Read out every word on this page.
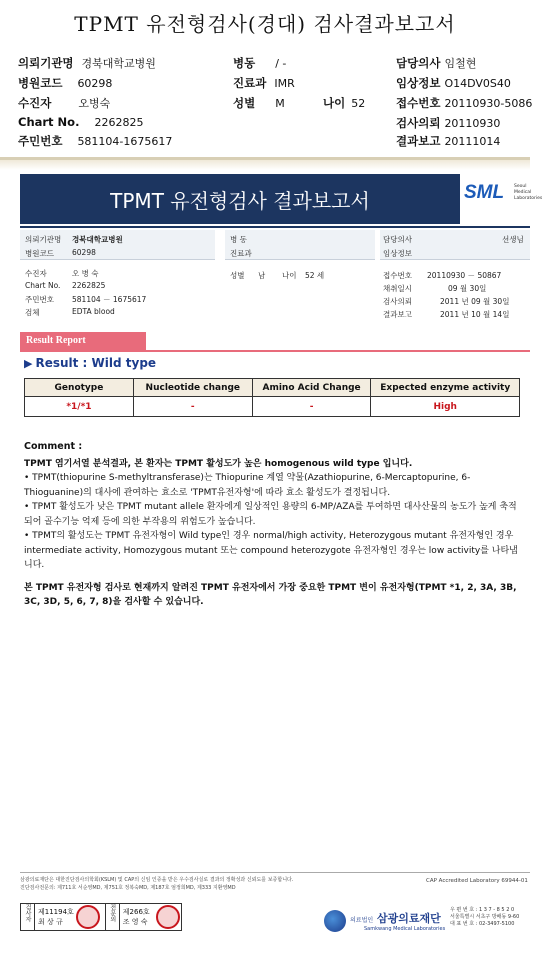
TPMT 유전형검사(경대) 검사결과보고서
의뢰기관명 경북대학교병원
병원코드 60298
수진자 오병숙
Chart No. 2262825
주민번호 581104-1675617
병동 / -
진료과 IMR
성별 M	나이 52
담당의사 임철현
임상정보 O14DV0S40
접수번호 20110930-5086
검사의뢰 20110930
결과보고 20111014
TPMT 유전형검사 결과보고서	SML Seoul Medical Laboratories
의뢰기관명 경북대학교병원
병원코드 60298
병 동
진료과
담당의사	선생님
임상정보
수진자	오 병 숙
Chart No. 2262825
주민번호 581104 － 1675617
검체	EDTA blood
성별 남 나이 52 세	접수번호 20110930 － 50867
채취일시	09 월 30일
검사의뢰	2011 년 09 월 30일
결과보고	2011 년 10 월 14일
Result Report
▶ Result : Wild type
Genotype	Nucleotide change	Amino Acid Change	Expected enzyme activity
*1/*1	-	-	High

Comment :

TPMT 염기서열 분석결과, 본 환자는 TPMT 활성도가 높은 homogenous wild type 입니다.

• TPMT(thiopurine S-methyltransferase)는 Thiopurine 계열 약물(Azathiopurine, 6-Mercaptopurine, 6-Thioguanine)의 대사에 관여하는 효소로 'TPMT유전자형'에 따라 효소 활성도가 결정됩니다.

• TPMT 활성도가 낮은 TPMT mutant allele 환자에게 일상적인 용량의 6-MP/AZA를 투여하면 대사산물의 농도가 높게 축적되어 골수기능 억제 등에 의한 부작용의 위험도가 높습니다.

• TPMT의 활성도는 TPMT 유전자형이 Wild type인 경우 normal/high activity, Heterozygous mutant 유전자형인 경우 intermediate activity, Homozygous mutant 또는 compound heterozygote 유전자형인 경우는 low activity를 나타냅니다.

본 TPMT 유전자형 검사로 현재까지 알려진 TPMT 유전자에서 가장 중요한 TPMT 변이 유전자형(TPMT *1, 2, 3A, 3B, 3C, 3D, 5, 6, 7, 8)을 검사할 수 있습니다.

삼광의료재단은 대한진단검사의학회(KSLM) 및 CAP의 신임 인증을 받은 우수검사실로 결과의 정확성과 신뢰도를 보증합니다.
진단검사전문의: 제711호 서순영MD, 제751호 정복숙MD, 제187호 엄정희MD, 제333 지환영MD
CAP Accredited Laboratory 69944-01
검사자	제11194호
최 상 규	전문의	제266호
조 영 숙	의료법인 삼광의료재단
Samkwang Medical Laboratories
우 편 번 호 : 1 3 7 - 8 5 2 0
서울특별시 서초구 방배동 9-60
대 표 번 호 : 02-3497-5100
